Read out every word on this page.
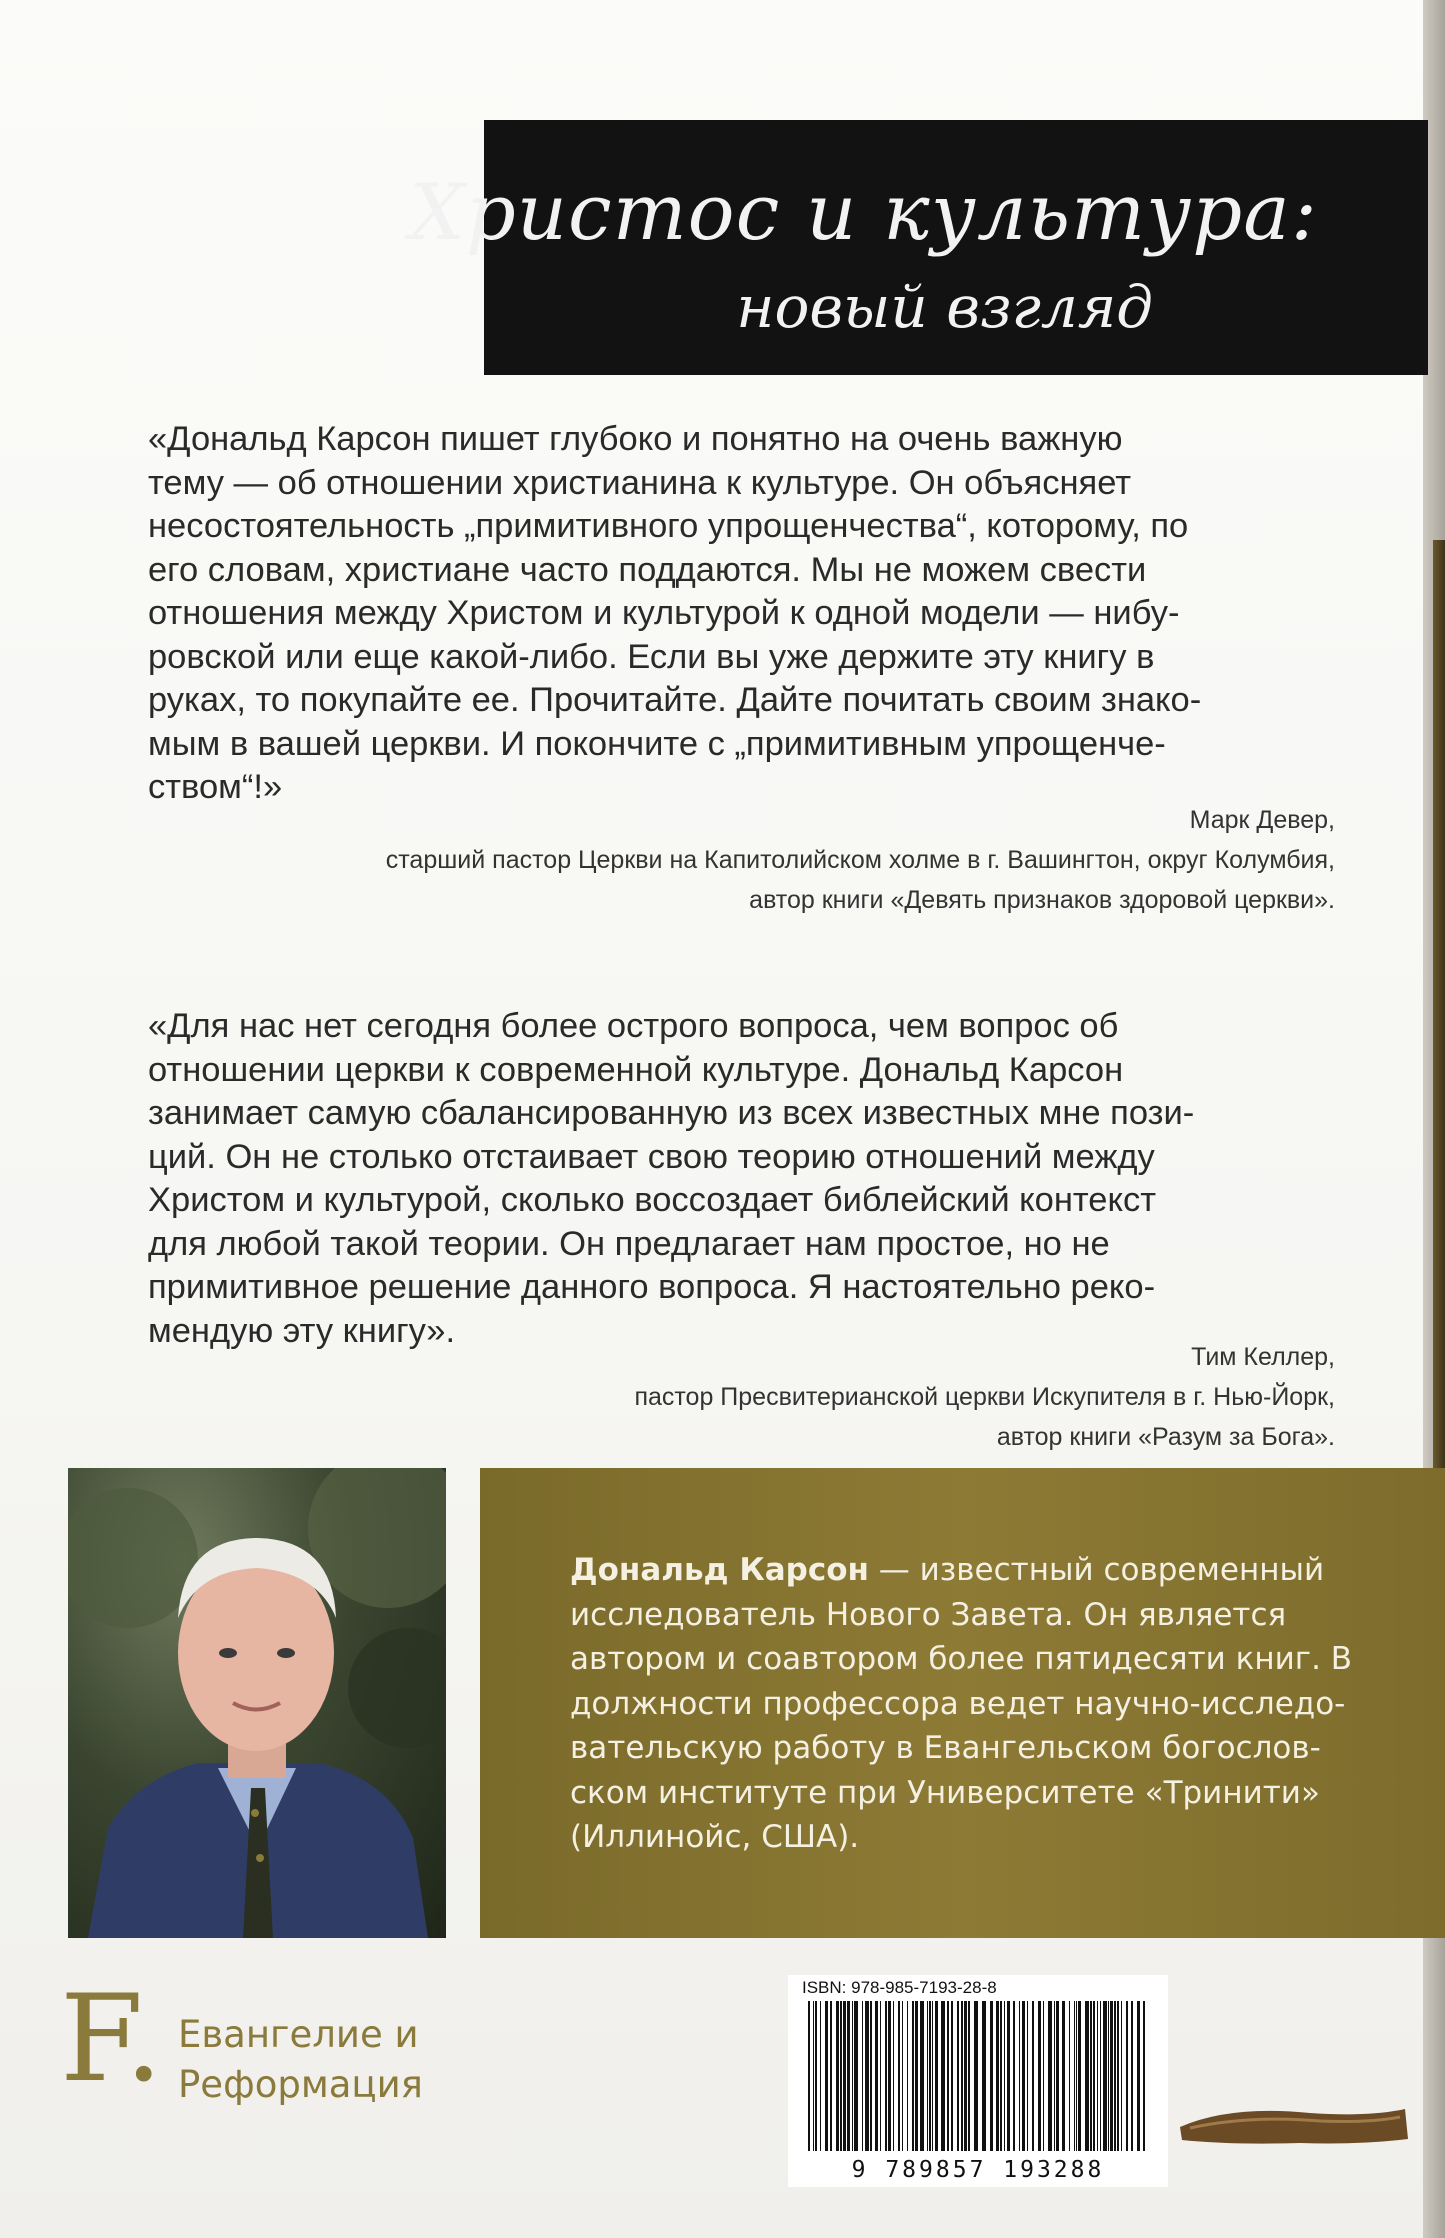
Христос и культура:
новый взгляд
«Дональд Карсон пишет глубоко и понятно на очень важную
тему — об отношении христианина к культуре. Он объясняет
несостоятельность „примитивного упрощенчества“, которому, по
его словам, христиане часто поддаются. Мы не можем свести
отношения между Христом и культурой к одной модели — нибу-
ровской или еще какой-либо. Если вы уже держите эту книгу в
руках, то покупайте ее. Прочитайте. Дайте почитать своим знако-
мым в вашей церкви. И покончите с „примитивным упрощенче-
ством“!»
Марк Девер,
старший пастор Церкви на Капитолийском холме в г. Вашингтон, округ Колумбия,
автор книги «Девять признаков здоровой церкви».
«Для нас нет сегодня более острого вопроса, чем вопрос об
отношении церкви к современной культуре. Дональд Карсон
занимает самую сбалансированную из всех известных мне пози-
ций. Он не столько отстаивает свою теорию отношений между
Христом и культурой, сколько воссоздает библейский контекст
для любой такой теории. Он предлагает нам простое, но не
примитивное решение данного вопроса. Я настоятельно реко-
мендую эту книгу».
Тим Келлер,
пастор Пресвитерианской церкви Искупителя в г. Нью-Йорк,
автор книги «Разум за Бога».
Дональд Карсон — известный современный
исследователь Нового Завета. Он является
автором и соавтором более пятидесяти книг. В
должности профессора ведет научно-исследо-
вательскую работу в Евангельском богослов-
ском институте при Университете «Тринити»
(Иллинойс, США).
F. Евангелие и
Реформация
ISBN: 978-985-7193-28-8
9 789857 193288
